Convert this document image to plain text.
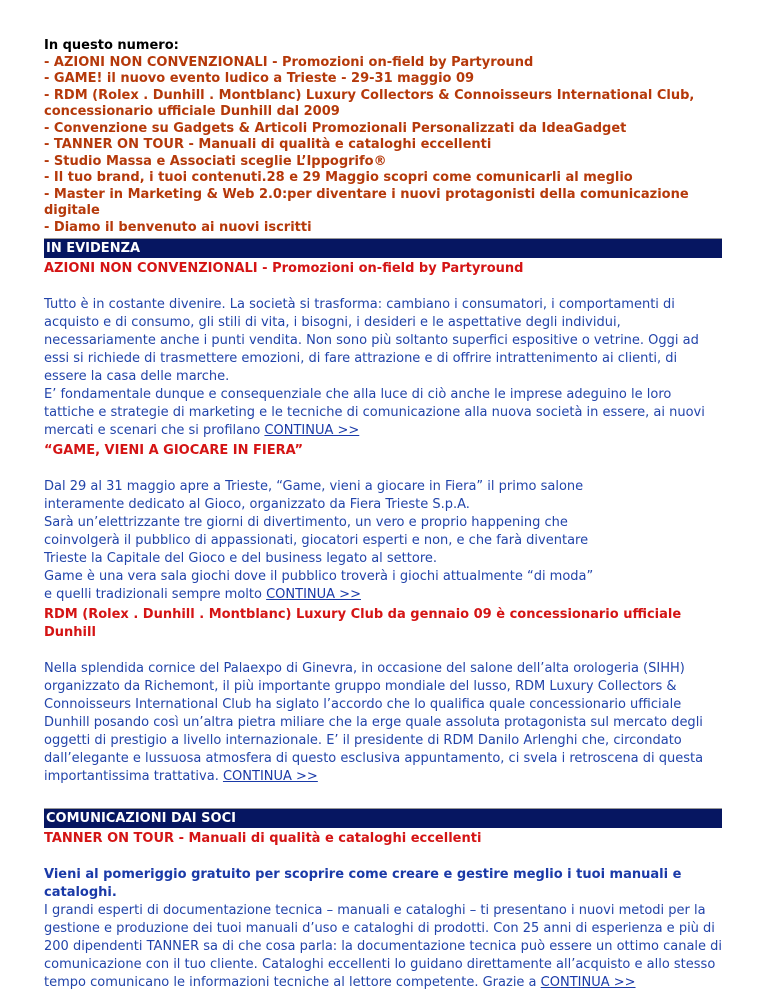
In questo numero:
- AZIONI NON CONVENZIONALI - Promozioni on-field by Partyround
- GAME! il nuovo evento ludico a Trieste - 29-31 maggio 09
- RDM (Rolex . Dunhill . Montblanc) Luxury Collectors & Connoisseurs International Club, concessionario ufficiale Dunhill dal 2009
- Convenzione su Gadgets & Articoli Promozionali Personalizzati da IdeaGadget
- TANNER ON TOUR - Manuali di qualità e cataloghi eccellenti
- Studio Massa e Associati sceglie L’Ippogrifo®
- Il tuo brand, i tuoi contenuti.28 e 29 Maggio scopri come comunicarli al meglio
- Master in Marketing & Web 2.0:per diventare i nuovi protagonisti della comunicazione digitale
- Diamo il benvenuto ai nuovi iscritti
IN EVIDENZA
AZIONI NON CONVENZIONALI - Promozioni on-field by Partyround
Tutto è in costante divenire. La società si trasforma: cambiano i consumatori, i comportamenti di acquisto e di consumo, gli stili di vita, i bisogni, i desideri e le aspettative degli individui, necessariamente anche i punti vendita. Non sono più soltanto superfici espositive o vetrine. Oggi ad essi si richiede di trasmettere emozioni, di fare attrazione e di offrire intrattenimento ai clienti, di essere la casa delle marche.
E’ fondamentale dunque e consequenziale che alla luce di ciò anche le imprese adeguino le loro tattiche e strategie di marketing e le tecniche di comunicazione alla nuova società in essere, ai nuovi mercati e scenari che si profilano CONTINUA >>
“GAME, VIENI A GIOCARE IN FIERA”
Dal 29 al 31 maggio apre a Trieste, “Game, vieni a giocare in Fiera” il primo salone
interamente dedicato al Gioco, organizzato da Fiera Trieste S.p.A.
Sarà un’elettrizzante tre giorni di divertimento, un vero e proprio happening che
coinvolgerà il pubblico di appassionati, giocatori esperti e non, e che farà diventare
Trieste la Capitale del Gioco e del business legato al settore.
Game è una vera sala giochi dove il pubblico troverà i giochi attualmente “di moda”
e quelli tradizionali sempre molto CONTINUA >>
RDM (Rolex . Dunhill . Montblanc) Luxury Club da gennaio 09 è concessionario ufficiale Dunhill
Nella splendida cornice del Palaexpo di Ginevra, in occasione del salone dell’alta orologeria (SIHH) organizzato da Richemont, il più importante gruppo mondiale del lusso, RDM Luxury Collectors & Connoisseurs International Club ha siglato l’accordo che lo qualifica quale concessionario ufficiale Dunhill posando così un’altra pietra miliare che la erge quale assoluta protagonista sul mercato degli oggetti di prestigio a livello internazionale. E’ il presidente di RDM Danilo Arlenghi che, circondato dall’elegante e lussuosa atmosfera di questo esclusiva appuntamento, ci svela i retroscena di questa importantissima trattativa. CONTINUA >>
COMUNICAZIONI DAI SOCI
TANNER ON TOUR - Manuali di qualità e cataloghi eccellenti
Vieni al pomeriggio gratuito per scoprire come creare e gestire meglio i tuoi manuali e cataloghi.
I grandi esperti di documentazione tecnica – manuali e cataloghi – ti presentano i nuovi metodi per la gestione e produzione dei tuoi manuali d’uso e cataloghi di prodotti. Con 25 anni di esperienza e più di 200 dipendenti TANNER sa di che cosa parla: la documentazione tecnica può essere un ottimo canale di comunicazione con il tuo cliente. Cataloghi eccellenti lo guidano direttamente all’acquisto e allo stesso tempo comunicano le informazioni tecniche al lettore competente. Grazie a CONTINUA >>
